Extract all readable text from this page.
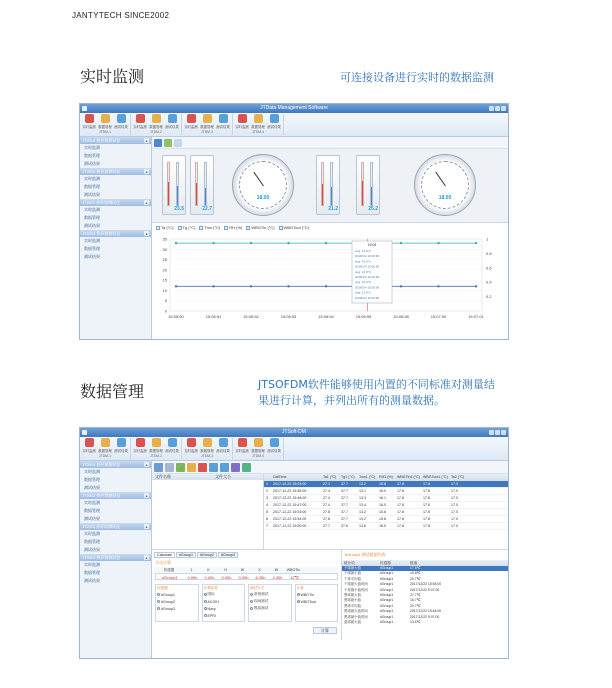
JANTYTECH SINCE2002
实时监测	可连接设备进行实时的数据监测
JTData Management Software
实时监测 数据管理 测试结果
JTDM-1
实时监测 数据管理 测试结果
JTDM-2
实时监测 数据管理 测试结果
JTDM-3
实时监测 数据管理 测试结果
JTDM-4
JT2014 热环境测试仪	▴
实时监测
数据管理
测试结果
JT2012 热环境测试仪	▴
实时监测
数据管理
测试结果
JT2011 热环境测试仪	▴
实时监测
数据管理
测试结果
JT2014 热环境测试仪	▴
实时监测
数据管理
测试结果
23.5	22.7
18.00
21.2	25.2
18.00
Ta (°C) Tg (°C) Tnw (°C) RH (%) WBGTin (°C) WBGTout (°C)
0
5
10
15
20
25
30
35
0.2
0.4
0.6
0.8
1
15:06:50	15:06:51	15:06:52	15:06:53	15:06:54	15:06:55	15:06:58	15:07:00	15:07:01
15:05
Avg: 12.9°C
2018/1/4 10:00:00
Avg: 31.3°C
2018/1/4 10:00:00
Avg: 12.9°C
2018/1/4 10:00:00
Avg: 31.3°C
2018/1/4 10:00:00
Avg: 12.9°C
2018/1/4 10:00:00
数据管理	JTSOFDM软件能够使用内置的不同标准对测量结
果进行计算，并列出所有的测量数据。
JTSoft-DM
实时监测 数据管理 测试结果
JTDM-1
实时监测 数据管理 测试结果
JTDM-2
实时监测 数据管理 测试结果
JTDM-3
实时监测 数据管理 测试结果
JTDM-4
JT2014 热环境测试仪	▴
实时监测
数据管理
测试结果
JT2012 热环境测试仪	▴
实时监测
数据管理
测试结果
JT2011 热环境测试仪	▴
实时监测
数据管理
测试结果
JT2014 热环境测试仪	▴
实时监测
数据管理
测试结果
文件名称	文件大小	DatTime	Ta1 (°C)	Tg1 (°C)	Tnw1 (°C)	RH1 (%)	WBGTin1 (°C) WBGTout1 (°C) Ta2 (°C)
1	2017-12-22 15:03:00	27.1	37.7	13.2	15.8	17.8	17.8	17.0
2	2017-12-22 15:45:00	27.4	37.7	13.1	16.0	17.8	17.8	17.0
3	2017-12-22 15:46:00	27.4	37.7	13.3	16.1	17.8	17.8	17.0
4	2017-12-22 15:47:00	27.4	37.7	13.4	16.0	17.8	17.8	17.0
5	2017-12-22 15:53:00	27.8	37.7	13.2	15.8	17.8	17.8	17.0
6	2017-12-22 15:54:00	27.8	37.7	13.2	15.8	17.8	17.8	17.0
7	2017-12-22 15:50:00	27.7	37.6	13.6	16.5	17.8	17.8	17.0
Calculate	#Group1	#Group2	#Group3
手动计算
传感器	1	K	H	W	X	W	WBGTin
#Group1	0.00h	0.00h	0.00h	0.00h	6.35h	4.30h	12℃
传感器
#Group1
#Group2
#Group3
计算标准
国标
ACGIH
Navy
EPRI
测试方式
常规测试
现场测试
模拟测试
计算
WBGTin
WBGTout
计算
#Group1 测试数据列表
统计项	传感器	数值
干球最大值	#Group1	17.8℃
干球最小值	#Group1	15.8℃
干球平均值	#Group1	20.7℃
干球最大值时间	#Group1	2017/12/22 15:53:00
干球最小值时间	#Group1	2017/12/22 9:07:00
黑球最大值	#Group1	27.7℃
黑球最小值	#Group1	16.7℃
黑球平均值	#Group1	20.7℃
黑球最大值时间	#Group1	2017/12/22 15:44:00
黑球最小值时间	#Group1	2017/12/22 9:07:00
湿球最大值	#Group1	13.6℃
